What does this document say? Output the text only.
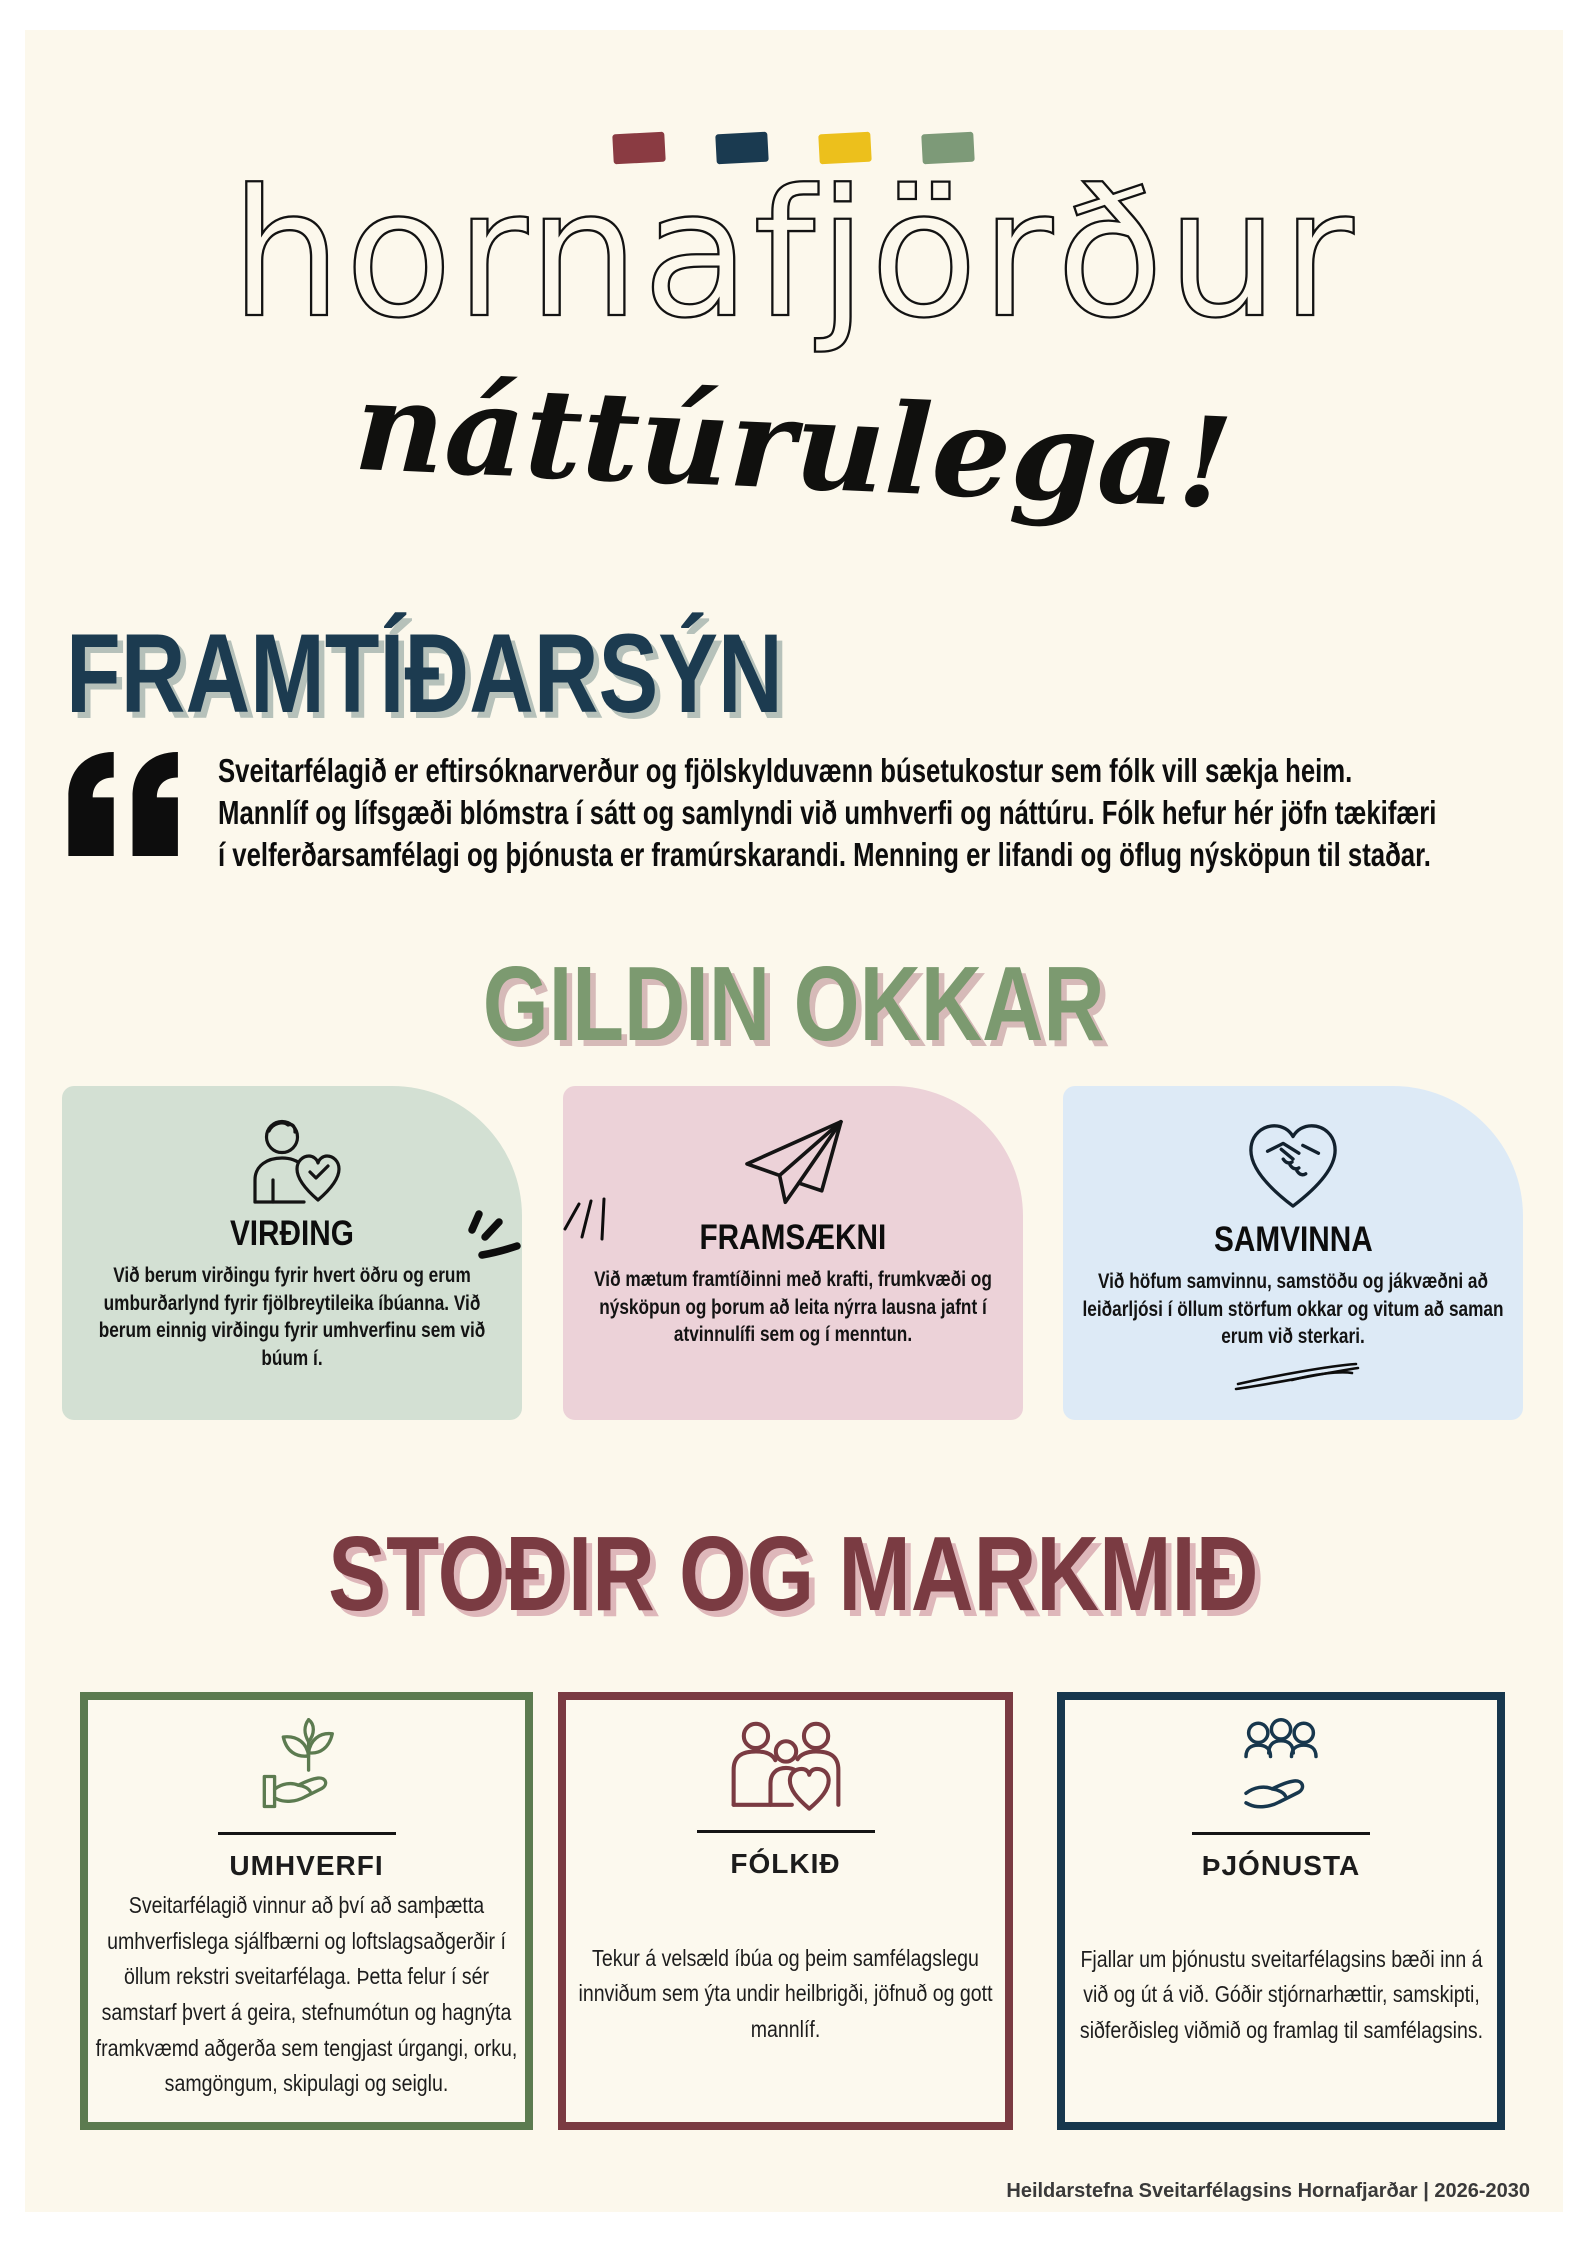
hornafjörður
náttúrulega!
FRAMTÍÐARSÝN
Sveitarfélagið er eftirsóknarverður og fjölskylduvænn búsetukostur sem fólk vill sækja heim.
Mannlíf og lífsgæði blómstra í sátt og samlyndi við umhverfi og náttúru. Fólk hefur hér jöfn tækifæri
í velferðarsamfélagi og þjónusta er framúrskarandi. Menning er lifandi og öflug nýsköpun til staðar.
GILDIN OKKAR
VIRÐING
Við berum virðingu fyrir hvert öðru og erum umburðarlynd fyrir fjölbreytileika íbúanna. Við berum einnig virðingu fyrir umhverfinu sem við búum í.
FRAMSÆKNI
Við mætum framtíðinni með krafti, frumkvæði og nýsköpun og þorum að leita nýrra lausna jafnt í atvinnulífi sem og í menntun.
SAMVINNA
Við höfum samvinnu, samstöðu og jákvæðni að leiðarljósi í öllum störfum okkar og vitum að saman erum við sterkari.
STOÐIR OG MARKMIÐ
UMHVERFI
Sveitarfélagið vinnur að því að samþætta umhverfislega sjálfbærni og loftslagsaðgerðir í öllum rekstri sveitarfélaga. Þetta felur í sér samstarf þvert á geira, stefnumótun og hagnýta framkvæmd aðgerða sem tengjast úrgangi, orku, samgöngum, skipulagi og seiglu.
FÓLKIÐ
Tekur á velsæld íbúa og þeim samfélagslegu innviðum sem ýta undir heilbrigði, jöfnuð og gott mannlíf.
ÞJÓNUSTA
Fjallar um þjónustu sveitarfélagsins bæði inn á við og út á við. Góðir stjórnarhættir, samskipti, siðferðisleg viðmið og framlag til samfélagsins.
Heildarstefna Sveitarfélagsins Hornafjarðar | 2026-2030
